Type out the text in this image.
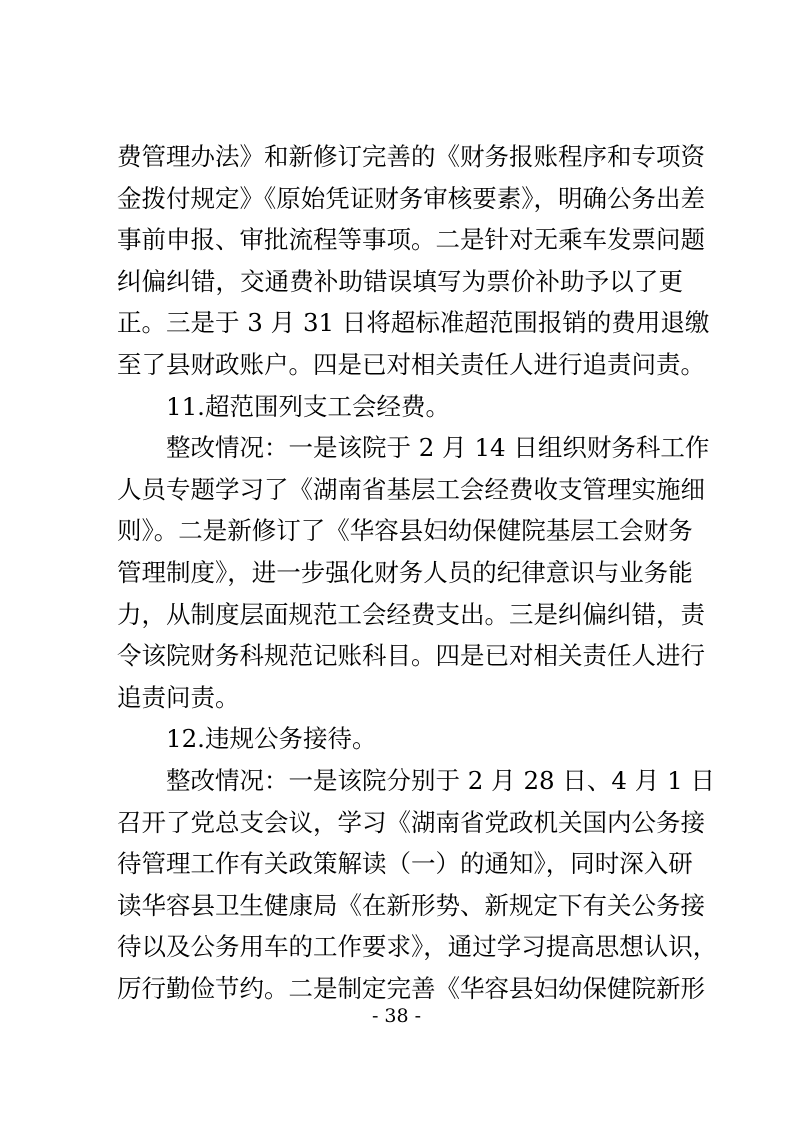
费管理办法》和新修订完善的《财务报账程序和专项资
金拨付规定》《原始凭证财务审核要素》，明确公务出差
事前申报、审批流程等事项。二是针对无乘车发票问题
纠偏纠错，交通费补助错误填写为票价补助予以了更
正。三是于 3 月 31 日将超标准超范围报销的费用退缴
至了县财政账户。四是已对相关责任人进行追责问责。
11.超范围列支工会经费。
整改情况：一是该院于 2 月 14 日组织财务科工作
人员专题学习了《湖南省基层工会经费收支管理实施细
则》。二是新修订了《华容县妇幼保健院基层工会财务
管理制度》，进一步强化财务人员的纪律意识与业务能
力，从制度层面规范工会经费支出。三是纠偏纠错，责
令该院财务科规范记账科目。四是已对相关责任人进行
追责问责。
12.违规公务接待。
整改情况：一是该院分别于 2 月 28 日、4 月 1 日
召开了党总支会议，学习《湖南省党政机关国内公务接
待管理工作有关政策解读（一）的通知》，同时深入研
读华容县卫生健康局《在新形势、新规定下有关公务接
待以及公务用车的工作要求》，通过学习提高思想认识，
厉行勤俭节约。二是制定完善《华容县妇幼保健院新形
- 38 -
